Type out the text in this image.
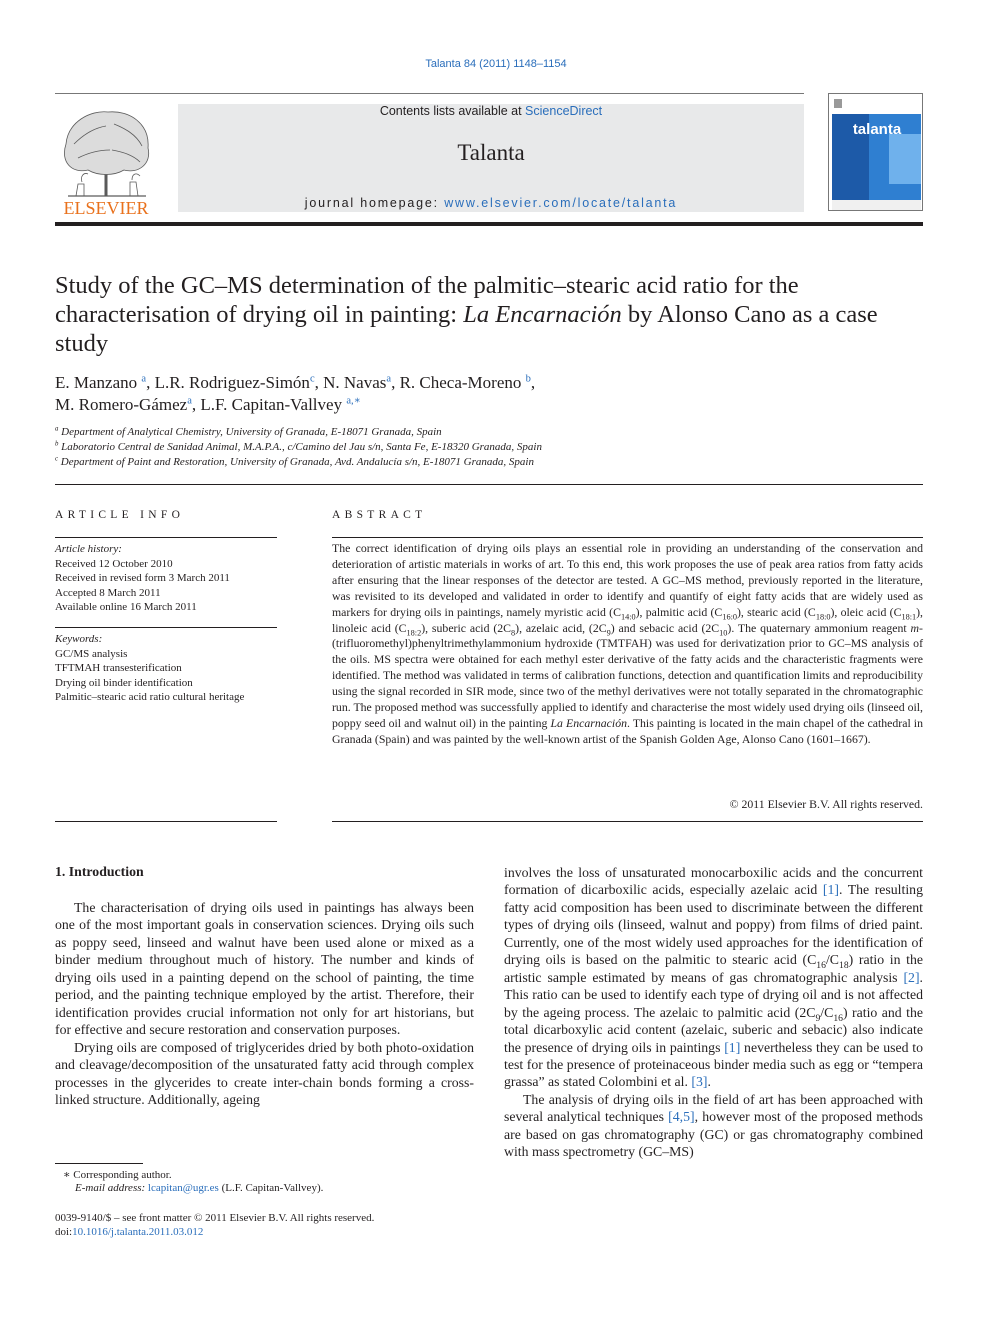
Talanta 84 (2011) 1148–1154
ELSEVIER
Contents lists available at ScienceDirect
Talanta
journal homepage: www.elsevier.com/locate/talanta
talanta
Study of the GC–MS determination of the palmitic–stearic acid ratio for the characterisation of drying oil in painting: La Encarnación by Alonso Cano as a case study
E. Manzano $^a$, L.R. Rodriguez-Simón$^c$, N. Navas$^a$, R. Checa-Moreno $^b$,
M. Romero-Gámez$^a$, L.F. Capitan-Vallvey $^{a,∗}$
$^a$ Department of Analytical Chemistry, University of Granada, E-18071 Granada, Spain
$^b$ Laboratorio Central de Sanidad Animal, M.A.P.A., c/Camino del Jau s/n, Santa Fe, E-18320 Granada, Spain
$^c$ Department of Paint and Restoration, University of Granada, Avd. Andalucía s/n, E-18071 Granada, Spain
ARTICLE INFO
Article history:
Received 12 October 2010
Received in revised form 3 March 2011
Accepted 8 March 2011
Available online 16 March 2011
Keywords:
GC/MS analysis
TFTMAH transesterification
Drying oil binder identification
Palmitic–stearic acid ratio cultural heritage
ABSTRACT
The correct identification of drying oils plays an essential role in providing an understanding of the conservation and deterioration of artistic materials in works of art. To this end, this work proposes the use of peak area ratios from fatty acids after ensuring that the linear responses of the detector are tested. A GC–MS method, previously reported in the literature, was revisited to its developed and validated in order to identify and quantify of eight fatty acids that are widely used as markers for drying oils in paintings, namely myristic acid $(C_{14:0})$, palmitic acid $(C_{16:0})$, stearic acid $(C_{18:0})$, oleic acid $(C_{18:1})$, linoleic acid $(C_{18:2})$, suberic acid $(2C_8)$, azelaic acid, $(2C_9)$ and sebacic acid $(2C_{10})$. The quaternary ammonium reagent m-(trifluoromethyl)phenyltrimethylammonium hydroxide (TMTFAH) was used for derivatization prior to GC–MS analysis of the oils. MS spectra were obtained for each methyl ester derivative of the fatty acids and the characteristic fragments were identified. The method was validated in terms of calibration functions, detection and quantification limits and reproducibility using the signal recorded in SIR mode, since two of the methyl derivatives were not totally separated in the chromatographic run. The proposed method was successfully applied to identify and characterise the most widely used drying oils (linseed oil, poppy seed oil and walnut oil) in the painting La Encarnación. This painting is located in the main chapel of the cathedral in Granada (Spain) and was painted by the well-known artist of the Spanish Golden Age, Alonso Cano (1601–1667).
© 2011 Elsevier B.V. All rights reserved.
1. Introduction

The characterisation of drying oils used in paintings has always been one of the most important goals in conservation sciences. Drying oils such as poppy seed, linseed and walnut have been used alone or mixed as a binder medium throughout much of history. The number and kinds of drying oils used in a painting depend on the school of painting, the time period, and the painting technique employed by the artist. Therefore, their identification provides crucial information not only for art historians, but for effective and secure restoration and conservation purposes.

Drying oils are composed of triglycerides dried by both photo-oxidation and cleavage/decomposition of the unsaturated fatty acid through complex processes in the glycerides to create inter-chain bonds forming a cross-linked structure. Additionally, ageing

involves the loss of unsaturated monocarboxilic acids and the concurrent formation of dicarboxilic acids, especially azelaic acid [1]. The resulting fatty acid composition has been used to discriminate between the different types of drying oils (linseed, walnut and poppy) from films of dried paint. Currently, one of the most widely used approaches for the identification of drying oils is based on the palmitic to stearic acid $(C_{16}/C_{18})$ ratio in the artistic sample estimated by means of gas chromatographic analysis [2]. This ratio can be used to identify each type of drying oil and is not affected by the ageing process. The azelaic to palmitic acid $(2C_9/C_{16})$ ratio and the total dicarboxylic acid content (azelaic, suberic and sebacic) also indicate the presence of drying oils in paintings [1] nevertheless they can be used to test for the presence of proteinaceous binder media such as egg or “tempera grassa” as stated Colombini et al. [3].

The analysis of drying oils in the field of art has been approached with several analytical techniques [4,5], however most of the proposed methods are based on gas chromatography (GC) or gas chromatography combined with mass spectrometry (GC–MS)

∗ Corresponding author.
E-mail address: lcapitan@ugr.es (L.F. Capitan-Vallvey).
0039-9140/$ – see front matter © 2011 Elsevier B.V. All rights reserved.
doi:10.1016/j.talanta.2011.03.012
